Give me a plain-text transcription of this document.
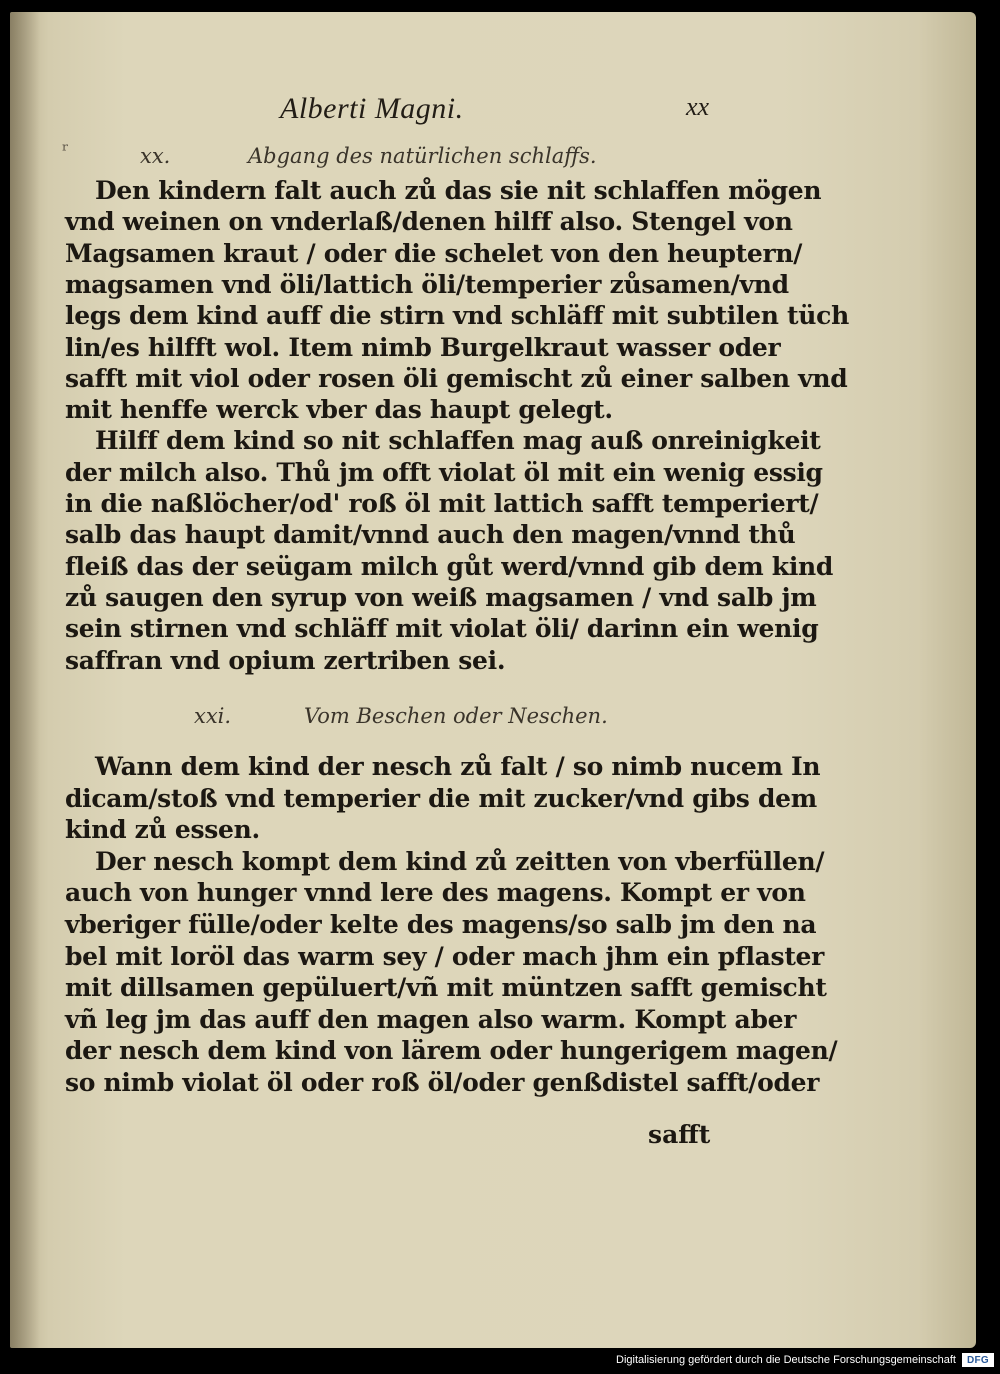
Alberti Magni.	xx
ʳ	xx.	Abgang des natürlichen schlaffs.
Den kindern falt auch zů das sie nit schlaffen mögen
vnd weinen on vnderlaß/denen hilff also. Stengel von
Magsamen kraut / oder die schelet von den heuptern/
magsamen vnd öli/lattich öli/temperier zůsamen/vnd
legs dem kind auff die stirn vnd schläff mit subtilen tüch
lin/es hilfft wol. Item nimb Burgelkraut wasser oder
safft mit viol oder rosen öli gemischt zů einer salben vnd
mit henffe werck vber das haupt gelegt.
Hilff dem kind so nit schlaffen mag auß onreinigkeit
der milch also. Thů jm offt violat öl mit ein wenig essig
in die naßlöcher/od' roß öl mit lattich safft temperiert/
salb das haupt damit/vnnd auch den magen/vnnd thů
fleiß das der seügam milch gůt werd/vnnd gib dem kind
zů saugen den syrup von weiß magsamen / vnd salb jm
sein stirnen vnd schläff mit violat öli/ darinn ein wenig
saffran vnd opium zertriben sei.
xxi.	Vom Beschen oder Neschen.
Wann dem kind der nesch zů falt / so nimb nucem In
dicam/stoß vnd temperier die mit zucker/vnd gibs dem
kind zů essen.
Der nesch kompt dem kind zů zeitten von vberfüllen/
auch von hunger vnnd lere des magens. Kompt er von
vberiger fülle/oder kelte des magens/so salb jm den na
bel mit loröl das warm sey / oder mach jhm ein pflaster
mit dillsamen gepüluert/vñ mit müntzen safft gemischt
vñ leg jm das auff den magen also warm. Kompt aber
der nesch dem kind von lärem oder hungerigem magen/
so nimb violat öl oder roß öl/oder genßdistel safft/oder
safft
Digitalisierung gefördert durch die Deutsche Forschungsgemeinschaft DFG
